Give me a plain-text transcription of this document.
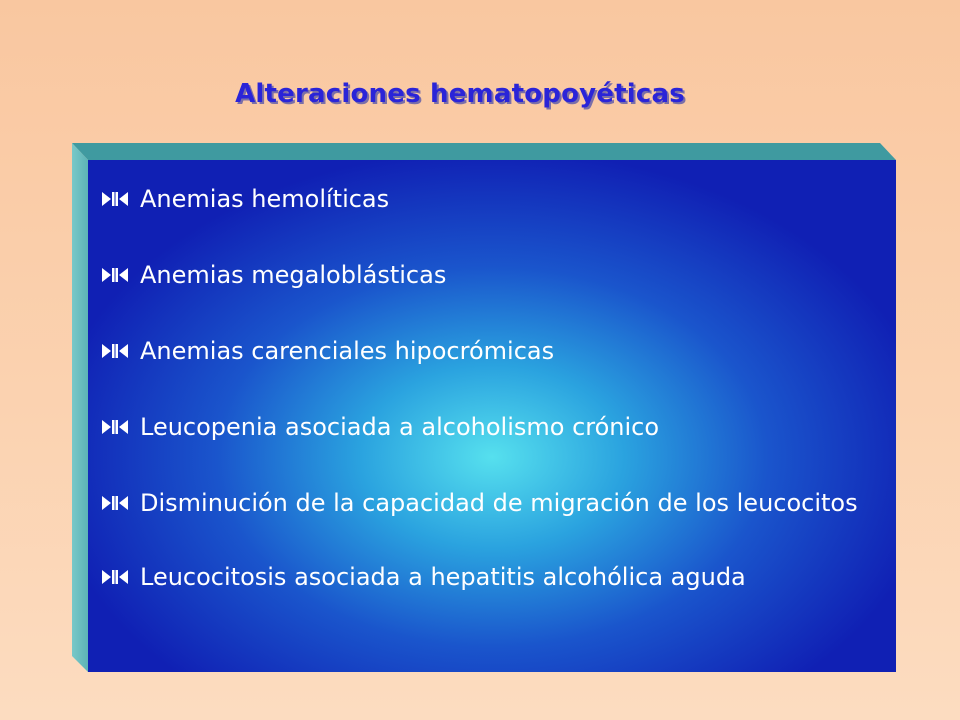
Alteraciones hematopoyéticas
Anemias hemolíticas
Anemias megaloblásticas
Anemias carenciales hipocrómicas
Leucopenia asociada a alcoholismo crónico
Disminución de la capacidad de migración de los leucocitos
Leucocitosis asociada a hepatitis alcohólica aguda
